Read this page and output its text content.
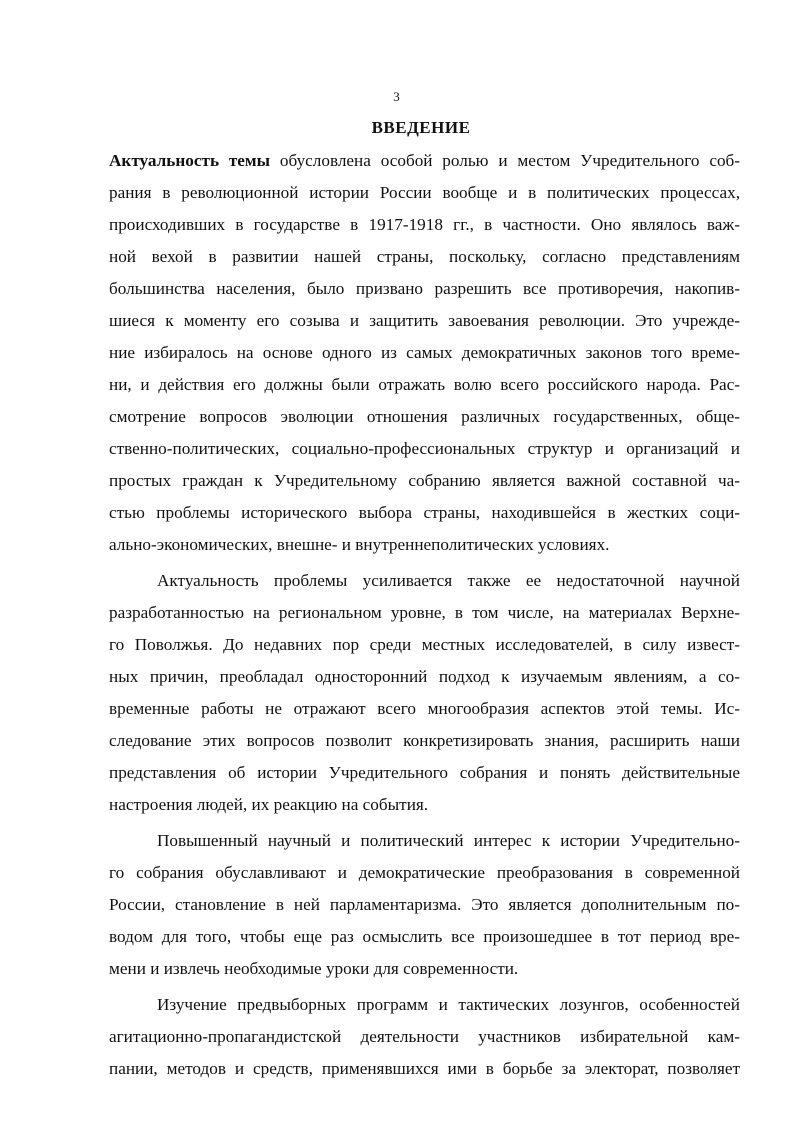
3
ВВЕДЕНИЕ
Актуальность темы обусловлена особой ролью и местом Учредительного соб-
рания в революционной истории России вообще и в политических процессах,
происходивших в государстве в 1917-1918 гг., в частности. Оно являлось важ-
ной вехой в развитии нашей страны, поскольку, согласно представлениям
большинства населения, было призвано разрешить все противоречия, накопив-
шиеся к моменту его созыва и защитить завоевания революции. Это учрежде-
ние избиралось на основе одного из самых демократичных законов того време-
ни, и действия его должны были отражать волю всего российского народа. Рас-
смотрение вопросов эволюции отношения различных государственных, обще-
ственно-политических, социально-профессиональных структур и организаций и
простых граждан к Учредительному собранию является важной составной ча-
стью проблемы исторического выбора страны, находившейся в жестких соци-
ально-экономических, внешне- и внутреннеполитических условиях.
Актуальность проблемы усиливается также ее недостаточной научной
разработанностью на региональном уровне, в том числе, на материалах Верхне-
го Поволжья. До недавних пор среди местных исследователей, в силу извест-
ных причин, преобладал односторонний подход к изучаемым явлениям, а со-
временные работы не отражают всего многообразия аспектов этой темы. Ис-
следование этих вопросов позволит конкретизировать знания, расширить наши
представления об истории Учредительного собрания и понять действительные
настроения людей, их реакцию на события.
Повышенный научный и политический интерес к истории Учредительно-
го собрания обуславливают и демократические преобразования в современной
России, становление в ней парламентаризма. Это является дополнительным по-
водом для того, чтобы еще раз осмыслить все произошедшее в тот период вре-
мени и извлечь необходимые уроки для современности.
Изучение предвыборных программ и тактических лозунгов, особенностей
агитационно-пропагандистской деятельности участников избирательной кам-
пании, методов и средств, применявшихся ими в борьбе за электорат, позволяет
